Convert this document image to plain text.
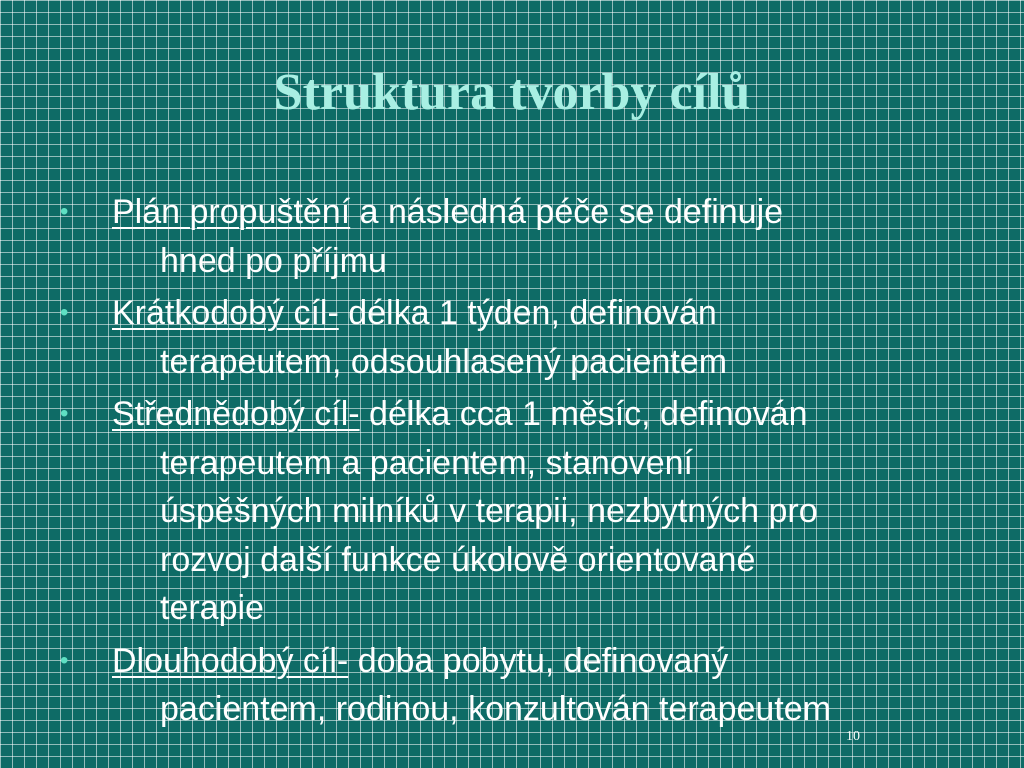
Struktura tvorby cílů
• Plán propuštění a následná péče se definuje
hned po příjmu
• Krátkodobý cíl- délka 1 týden, definován
terapeutem, odsouhlasený pacientem
• Střednědobý cíl- délka cca 1 měsíc, definován
terapeutem a pacientem, stanovení
úspěšných milníků v terapii, nezbytných pro
rozvoj další funkce úkolově orientované
terapie
• Dlouhodobý cíl- doba pobytu, definovaný
pacientem, rodinou, konzultován terapeutem
10
